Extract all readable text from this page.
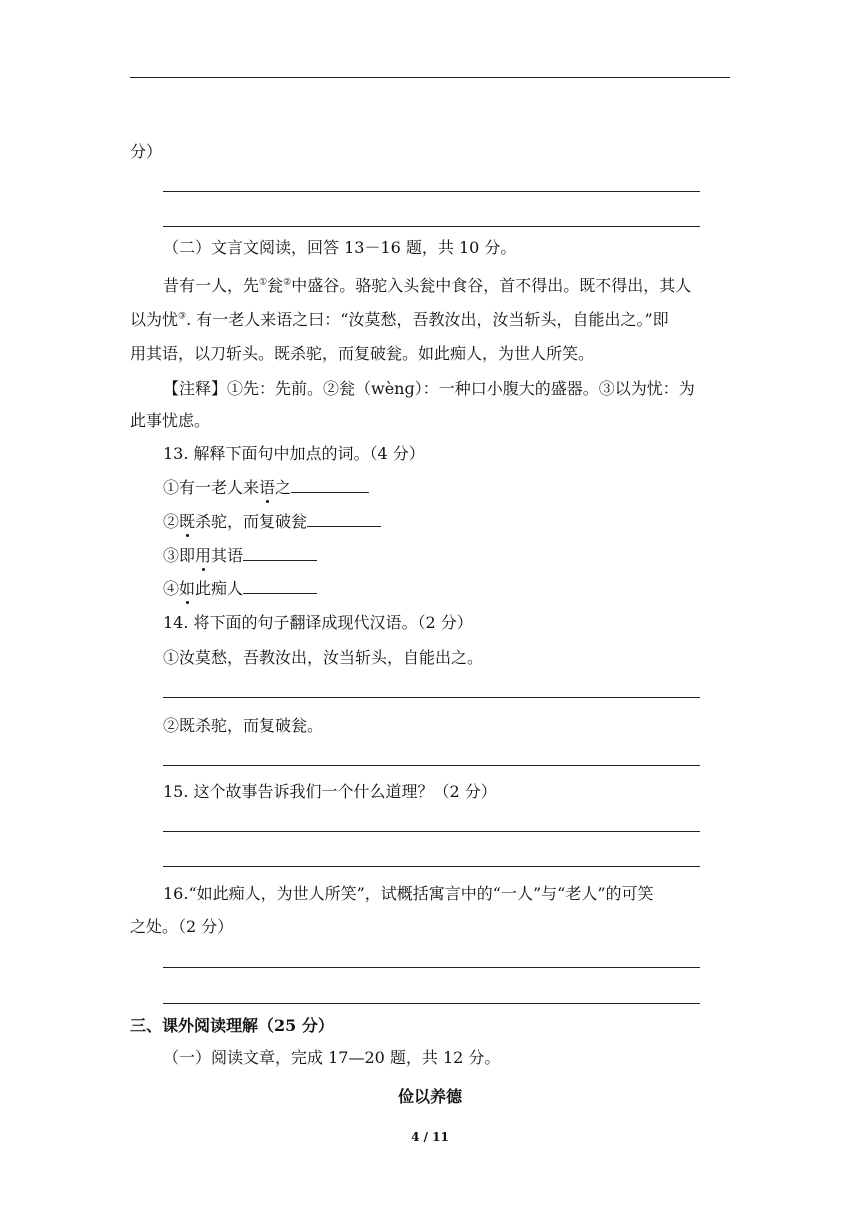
分）
（二）文言文阅读，回答 13－16 题，共 10 分。
昔有一人，先①瓮②中盛谷。骆驼入头瓮中食谷，首不得出。既不得出，其人
以为忧③. 有一老人来语之曰：“汝莫愁，吾教汝出，汝当斩头，自能出之。”即
用其语，以刀斩头。既杀驼，而复破瓮。如此痴人，为世人所笑。
【注释】①先：先前。②瓮（wènɡ）：一种口小腹大的盛器。③以为忧：为
此事忧虑。
13. 解释下面句中加点的词。（4 分）
①有一老人来语之
②既杀驼，而复破瓮
③即用其语
④如此痴人
14. 将下面的句子翻译成现代汉语。（2 分）
①汝莫愁，吾教汝出，汝当斩头，自能出之。
②既杀驼，而复破瓮。
15. 这个故事告诉我们一个什么道理？（2 分）
16.“如此痴人，为世人所笑”，试概括寓言中的“一人”与“老人”的可笑
之处。（2 分）
三、课外阅读理解（25 分）
（一）阅读文章，完成 17—20 题，共 12 分。
俭以养德
4 / 11
